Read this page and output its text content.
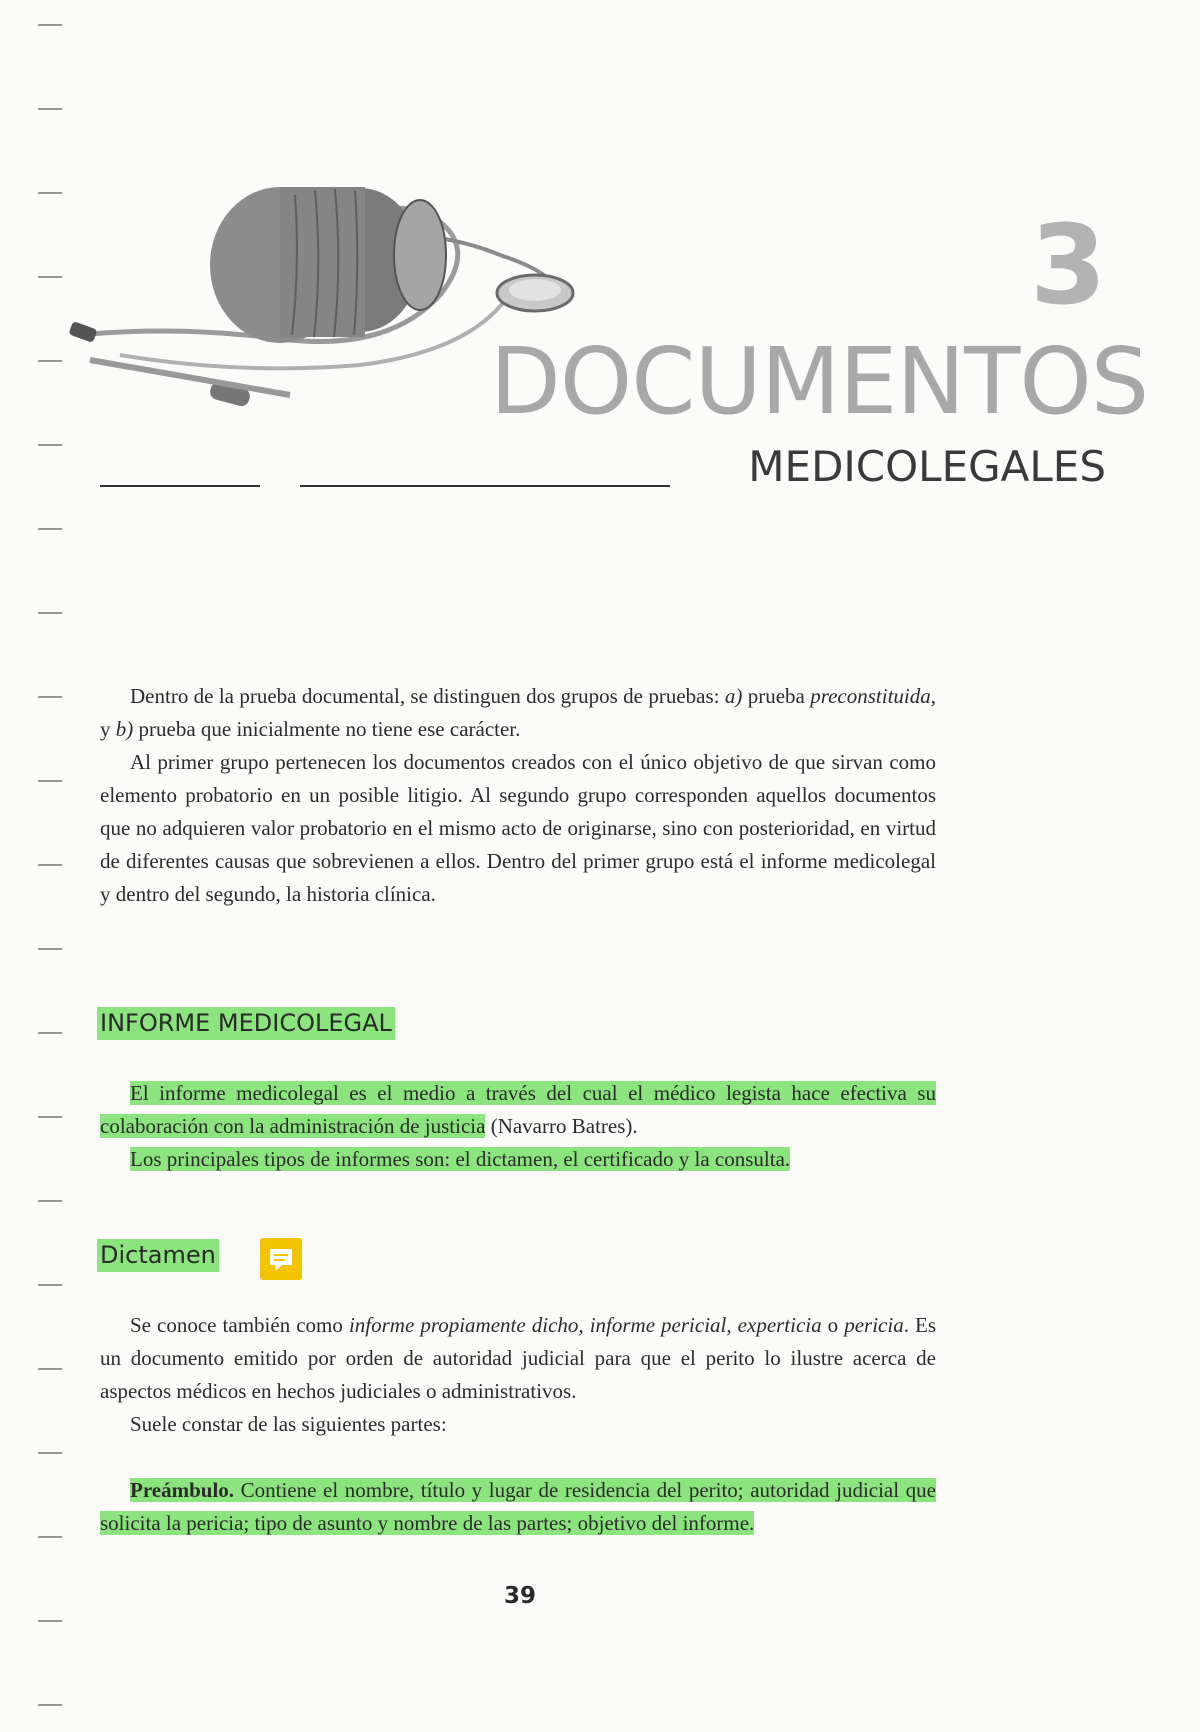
3
DOCUMENTOS
MEDICOLEGALES

Dentro de la prueba documental, se distinguen dos grupos de pruebas: a) prueba preconstituida, y b) prueba que inicialmente no tiene ese carácter.

Al primer grupo pertenecen los documentos creados con el único objetivo de que sirvan como elemento probatorio en un posible litigio. Al segundo grupo corresponden aquellos documentos que no adquieren valor probatorio en el mismo acto de originarse, sino con posterioridad, en virtud de diferentes causas que sobrevienen a ellos. Dentro del primer grupo está el informe medicolegal y dentro del segundo, la historia clínica.

INFORME MEDICOLEGAL

El informe medicolegal es el medio a través del cual el médico legista hace efectiva su colaboración con la administración de justicia (Navarro Batres).

Los principales tipos de informes son: el dictamen, el certificado y la consulta.

Dictamen

Se conoce también como informe propiamente dicho, informe pericial, experticia o pericia. Es un documento emitido por orden de autoridad judicial para que el perito lo ilustre acerca de aspectos médicos en hechos judiciales o administrativos.

Suele constar de las siguientes partes:

Preámbulo. Contiene el nombre, título y lugar de residencia del perito; autoridad judicial que solicita la pericia; tipo de asunto y nombre de las partes; objetivo del informe.

39
